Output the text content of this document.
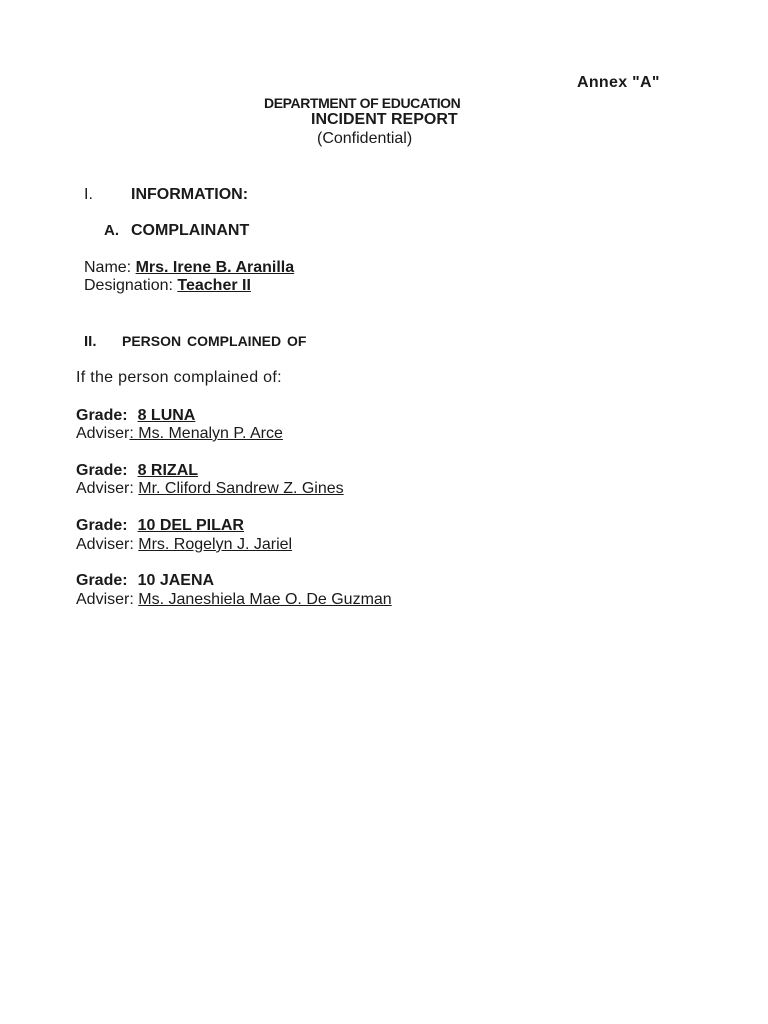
Annex "A"
DEPARTMENT OF EDUCATION
INCIDENT REPORT
(Confidential)
I. INFORMATION:
A. COMPLAINANT
Name: Mrs. Irene B. Aranilla
Designation: Teacher II
II. PERSON COMPLAINED OF
If the person complained of:
Grade: 8 LUNA
Adviser: Ms. Menalyn P. Arce
Grade: 8 RIZAL
Adviser: Mr. Cliford Sandrew Z. Gines
Grade: 10 DEL PILAR
Adviser: Mrs. Rogelyn J. Jariel
Grade: 10 JAENA
Adviser: Ms. Janeshiela Mae O. De Guzman
